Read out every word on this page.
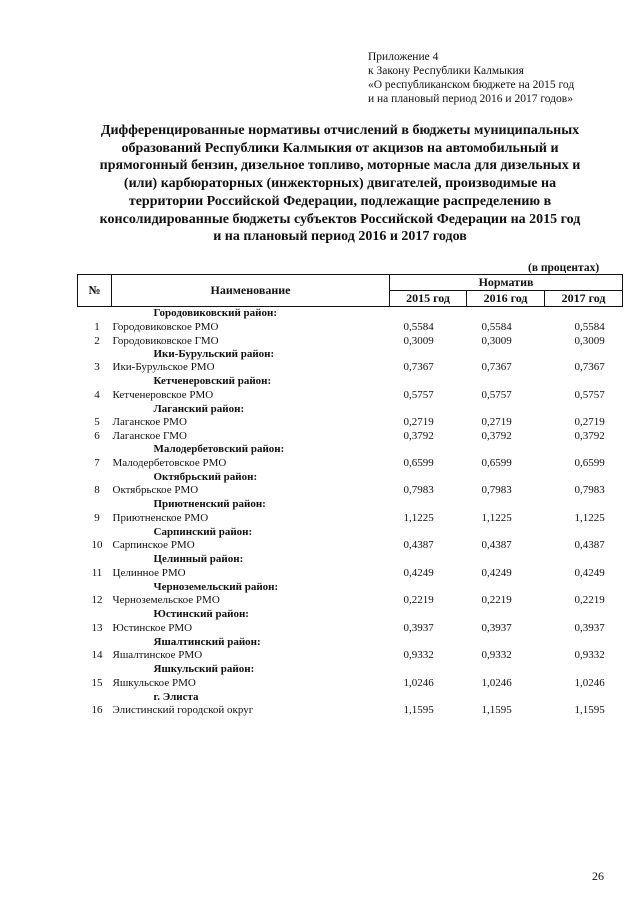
Приложение 4
к Закону Республики Калмыкия
«О республиканском бюджете на 2015 год
и на плановый период 2016 и 2017 годов»
Дифференцированные нормативы отчислений в бюджеты муниципальных
образований Республики Калмыкия от акцизов на автомобильный и
прямогонный бензин, дизельное топливо, моторные масла для дизельных и
(или) карбюраторных (инжекторных) двигателей, производимые на
территории Российской Федерации, подлежащие распределению в
консолидированные бюджеты субъектов Российской Федерации на 2015 год
и на плановый период 2016 и 2017 годов
(в процентах)
№	Наименование	Норматив		
		2015 год	2016 год	2017 год
	Городовиковский район:			
1	Городовиковское РМО	0,5584	0,5584	0,5584
2	Городовиковское ГМО	0,3009	0,3009	0,3009
	Ики-Бурульский район:			
3	Ики-Бурульское РМО	0,7367	0,7367	0,7367
	Кетченеровский район:			
4	Кетченеровское РМО	0,5757	0,5757	0,5757
	Лаганский район:			
5	Лаганское РМО	0,2719	0,2719	0,2719
6	Лаганское ГМО	0,3792	0,3792	0,3792
	Малодербетовский район:			
7	Малодербетовское РМО	0,6599	0,6599	0,6599
	Октябрьский район:			
8	Октябрьское РМО	0,7983	0,7983	0,7983
	Приютненский район:			
9	Приютненское РМО	1,1225	1,1225	1,1225
	Сарпинский район:			
10	Сарпинское РМО	0,4387	0,4387	0,4387
	Целинный район:			
11	Целинное РМО	0,4249	0,4249	0,4249
	Черноземельский район:			
12	Черноземельское РМО	0,2219	0,2219	0,2219
	Юстинский район:			
13	Юстинское РМО	0,3937	0,3937	0,3937
	Яшалтинский район:			
14	Яшалтинское РМО	0,9332	0,9332	0,9332
	Яшкульский район:			
15	Яшкульское РМО	1,0246	1,0246	1,0246
	г. Элиста			
16	Элистинский городской округ	1,1595	1,1595	1,1595
26
